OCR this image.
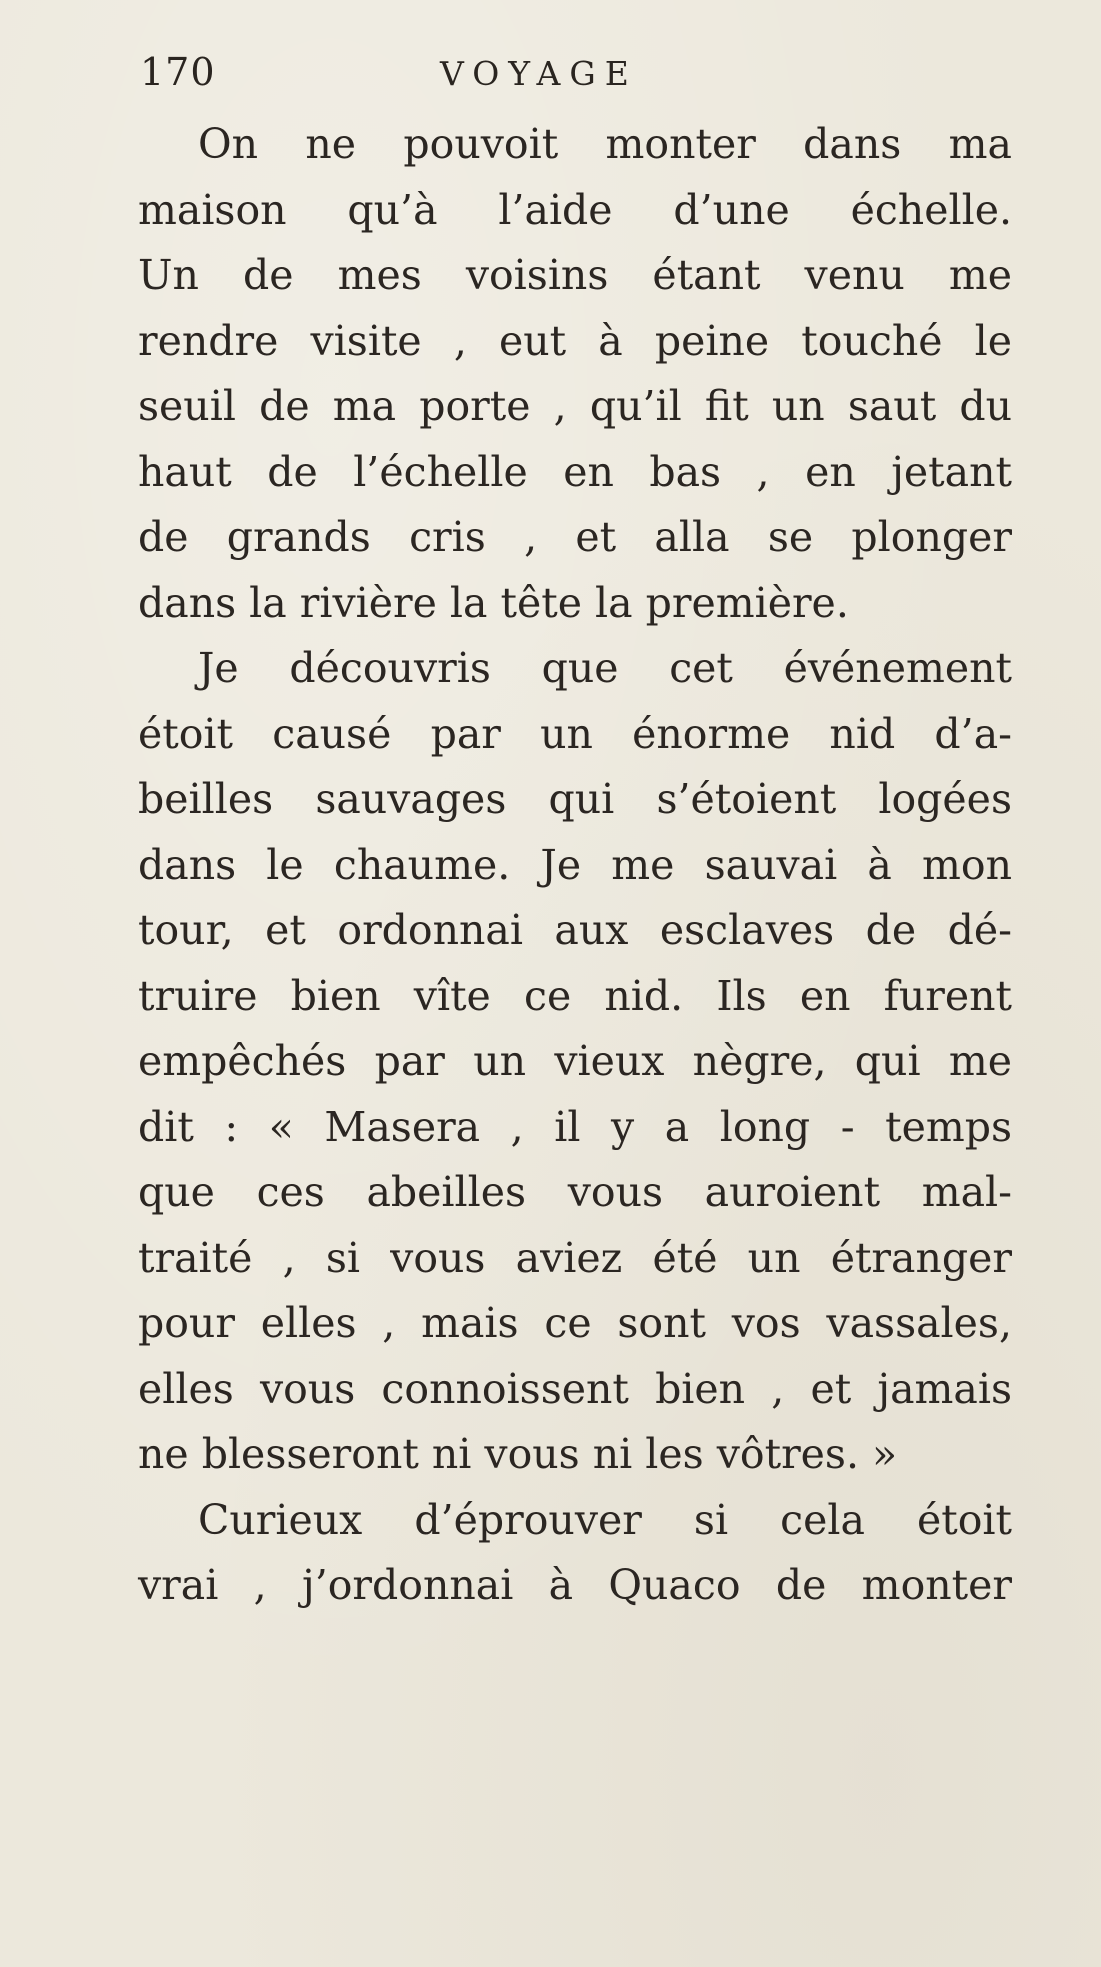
170	VOYAGE
On ne pouvoit monter dans ma
maison qu’à l’aide d’une échelle.
Un de mes voisins étant venu me
rendre visite , eut à peine touché le
seuil de ma porte , qu’il fit un saut du
haut de l’échelle en bas , en jetant
de grands cris , et alla se plonger
dans la rivière la tête la première.
Je découvris que cet événement
étoit causé par un énorme nid d’a-
beilles sauvages qui s’étoient logées
dans le chaume. Je me sauvai à mon
tour, et ordonnai aux esclaves de dé-
truire bien vîte ce nid. Ils en furent
empêchés par un vieux nègre, qui me
dit : « Masera , il y a long - temps
que ces abeilles vous auroient mal-
traité , si vous aviez été un étranger
pour elles , mais ce sont vos vassales,
elles vous connoissent bien , et jamais
ne blesseront ni vous ni les vôtres. »
Curieux d’éprouver si cela étoit
vrai , j’ordonnai à Quaco de monter
